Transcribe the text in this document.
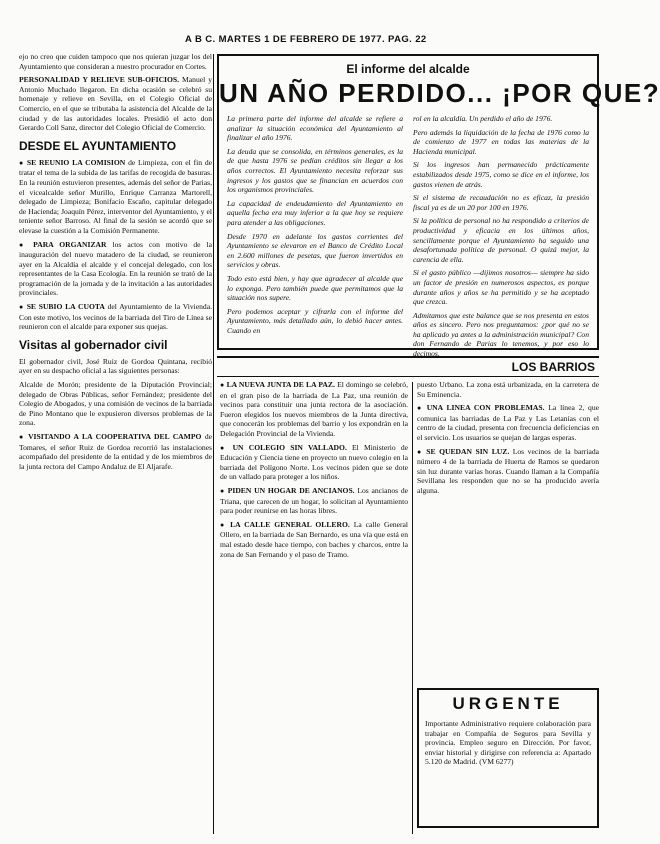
A B C. MARTES 1 DE FEBRERO DE 1977. PAG. 22

ejo no creo que cuiden tampoco que nos quieran juzgar los del Ayuntamiento que consideran a nuestro procurador en Cortes.

PERSONALIDAD Y RELIEVE SUB-OFICIOS. Manuel y Antonio Muchado llegaron. En dicha ocasión se celebró su homenaje y relieve en Sevilla, en el Colegio Oficial de Comercio, en el que se tributaba la asistencia del Alcalde de la ciudad y de las autoridades locales. Presidió el acto don Gerardo Coll Sanz, director del Colegio Oficial de Comercio.

DESDE EL AYUNTAMIENTO

● SE REUNIO LA COMISION de Limpieza, con el fin de tratar el tema de la subida de las tarifas de recogida de basuras. En la reunión estuvieron presentes, además del señor de Parias, el vicealcalde señor Murillo, Enrique Carranza Martorell, delegado de Limpieza; Bonifacio Escaño, capitular delegado de Hacienda; Joaquín Pérez, interventor del Ayuntamiento, y el teniente señor Barroso. Al final de la sesión se acordó que se elevase la cuestión a la Comisión Permanente.

● PARA ORGANIZAR los actos con motivo de la inauguración del nuevo matadero de la ciudad, se reunieron ayer en la Alcaldía el alcalde y el concejal delegado, con los representantes de la Casa Ecología. En la reunión se trató de la programación de la jornada y de la invitación a las autoridades provinciales.

● SE SUBIO LA CUOTA del Ayuntamiento de la Vivienda. Con este motivo, los vecinos de la barriada del Tiro de Línea se reunieron con el alcalde para exponer sus quejas.

Visitas al gobernador civil

El gobernador civil, José Ruiz de Gordoa Quintana, recibió ayer en su despacho oficial a las siguientes personas:

Alcalde de Morón; presidente de la Diputación Provincial; delegado de Obras Públicas, señor Fernández; presidente del Colegio de Abogados, y una comisión de vecinos de la barriada de Pino Montano que le expusieron diversos problemas de la zona.

● VISITANDO A LA COOPERATIVA DEL CAMPO de Tomares, el señor Ruiz de Gordoa recorrió las instalaciones acompañado del presidente de la entidad y de los miembros de la junta rectora del Campo Andaluz de El Aljarafe.

El informe del alcalde
UN AÑO PERDIDO... ¡POR QUE?

La primera parte del informe del alcalde se refiere a analizar la situación económica del Ayuntamiento al finalizar el año 1976.

La deuda que se consolida, en términos generales, es la de que hasta 1976 se pedían créditos sin llegar a los años correctos. El Ayuntamiento necesita reforzar sus ingresos y los gastos que se financian en acuerdos con los organismos provinciales.

La capacidad de endeudamiento del Ayuntamiento en aquella fecha era muy inferior a la que hoy se requiere para atender a las obligaciones.

Desde 1970 en adelante los gastos corrientes del Ayuntamiento se elevaron en el Banco de Crédito Local en 2.600 millones de pesetas, que fueron invertidos en servicios y obras.

Todo esto está bien, y hay que agradecer al alcalde que lo exponga. Pero también puede que permitamos que la situación nos supere.

Pero podemos aceptar y cifrarla con el informe del Ayuntamiento, más detallado aún, lo debió hacer antes. Cuando en

rol en la alcaldía. Un perdido el año de 1976.

Pero además la liquidación de la fecha de 1976 como la de comienzo de 1977 en todas las materias de la Hacienda municipal.

Si los ingresos han permanecido prácticamente estabilizados desde 1975, como se dice en el informe, los gastos vienen de atrás.

Si el sistema de recaudación no es eficaz, la presión fiscal ya es de un 20 por 100 en 1976.

Si la política de personal no ha respondido a criterios de productividad y eficacia en los últimos años, sencillamente porque el Ayuntamiento ha seguido una desafortunada política de personal. O quizá mejor, la carencia de ella.

Si el gasto público —dijimos nosotros— siempre ha sido un factor de presión en numerosos aspectos, es porque durante años y años se ha permitido y se ha aceptado que crezca.

Admitamos que este balance que se nos presenta en estos años es sincero. Pero nos preguntamos: ¿por qué no se ha aplicado ya antes a la administración municipal? Con don Fernando de Parias lo tenemos, y por eso lo decimos.

LOS BARRIOS

● LA NUEVA JUNTA DE LA PAZ. El domingo se celebró, en el gran piso de la barriada de La Paz, una reunión de vecinos para constituir una junta rectora de la asociación. Fueron elegidos los nuevos miembros de la Junta directiva, que conocerán los problemas del barrio y los expondrán en la Delegación Provincial de la Vivienda.

● UN COLEGIO SIN VALLADO. El Ministerio de Educación y Ciencia tiene en proyecto un nuevo colegio en la barriada del Polígono Norte. Los vecinos piden que se dote de un vallado para proteger a los niños.

● PIDEN UN HOGAR DE ANCIANOS. Los ancianos de Triana, que carecen de un hogar, lo solicitan al Ayuntamiento para poder reunirse en las horas libres.

● LA CALLE GENERAL OLLERO. La calle General Ollero, en la barriada de San Bernardo, es una vía que está en mal estado desde hace tiempo, con baches y charcos, entre la zona de San Fernando y el paso de Tramo.

puesto Urbano. La zona está urbanizada, en la carretera de Su Eminencia.

● UNA LINEA CON PROBLEMAS. La línea 2, que comunica las barriadas de La Paz y Las Letanías con el centro de la ciudad, presenta con frecuencia deficiencias en el servicio. Los usuarios se quejan de largas esperas.

● SE QUEDAN SIN LUZ. Los vecinos de la barriada número 4 de la barriada de Huerta de Ramos se quedaron sin luz durante varias horas. Cuando llaman a la Compañía Sevillana les responden que no se ha producido avería alguna.

URGENTE

Importante Administrativo requiere colaboración para trabajar en Compañía de Seguros para Sevilla y provincia. Empleo seguro en Dirección. Por favor, enviar historial y dirigirse con referencia a: Apartado 5.120 de Madrid. (VM 6277)
